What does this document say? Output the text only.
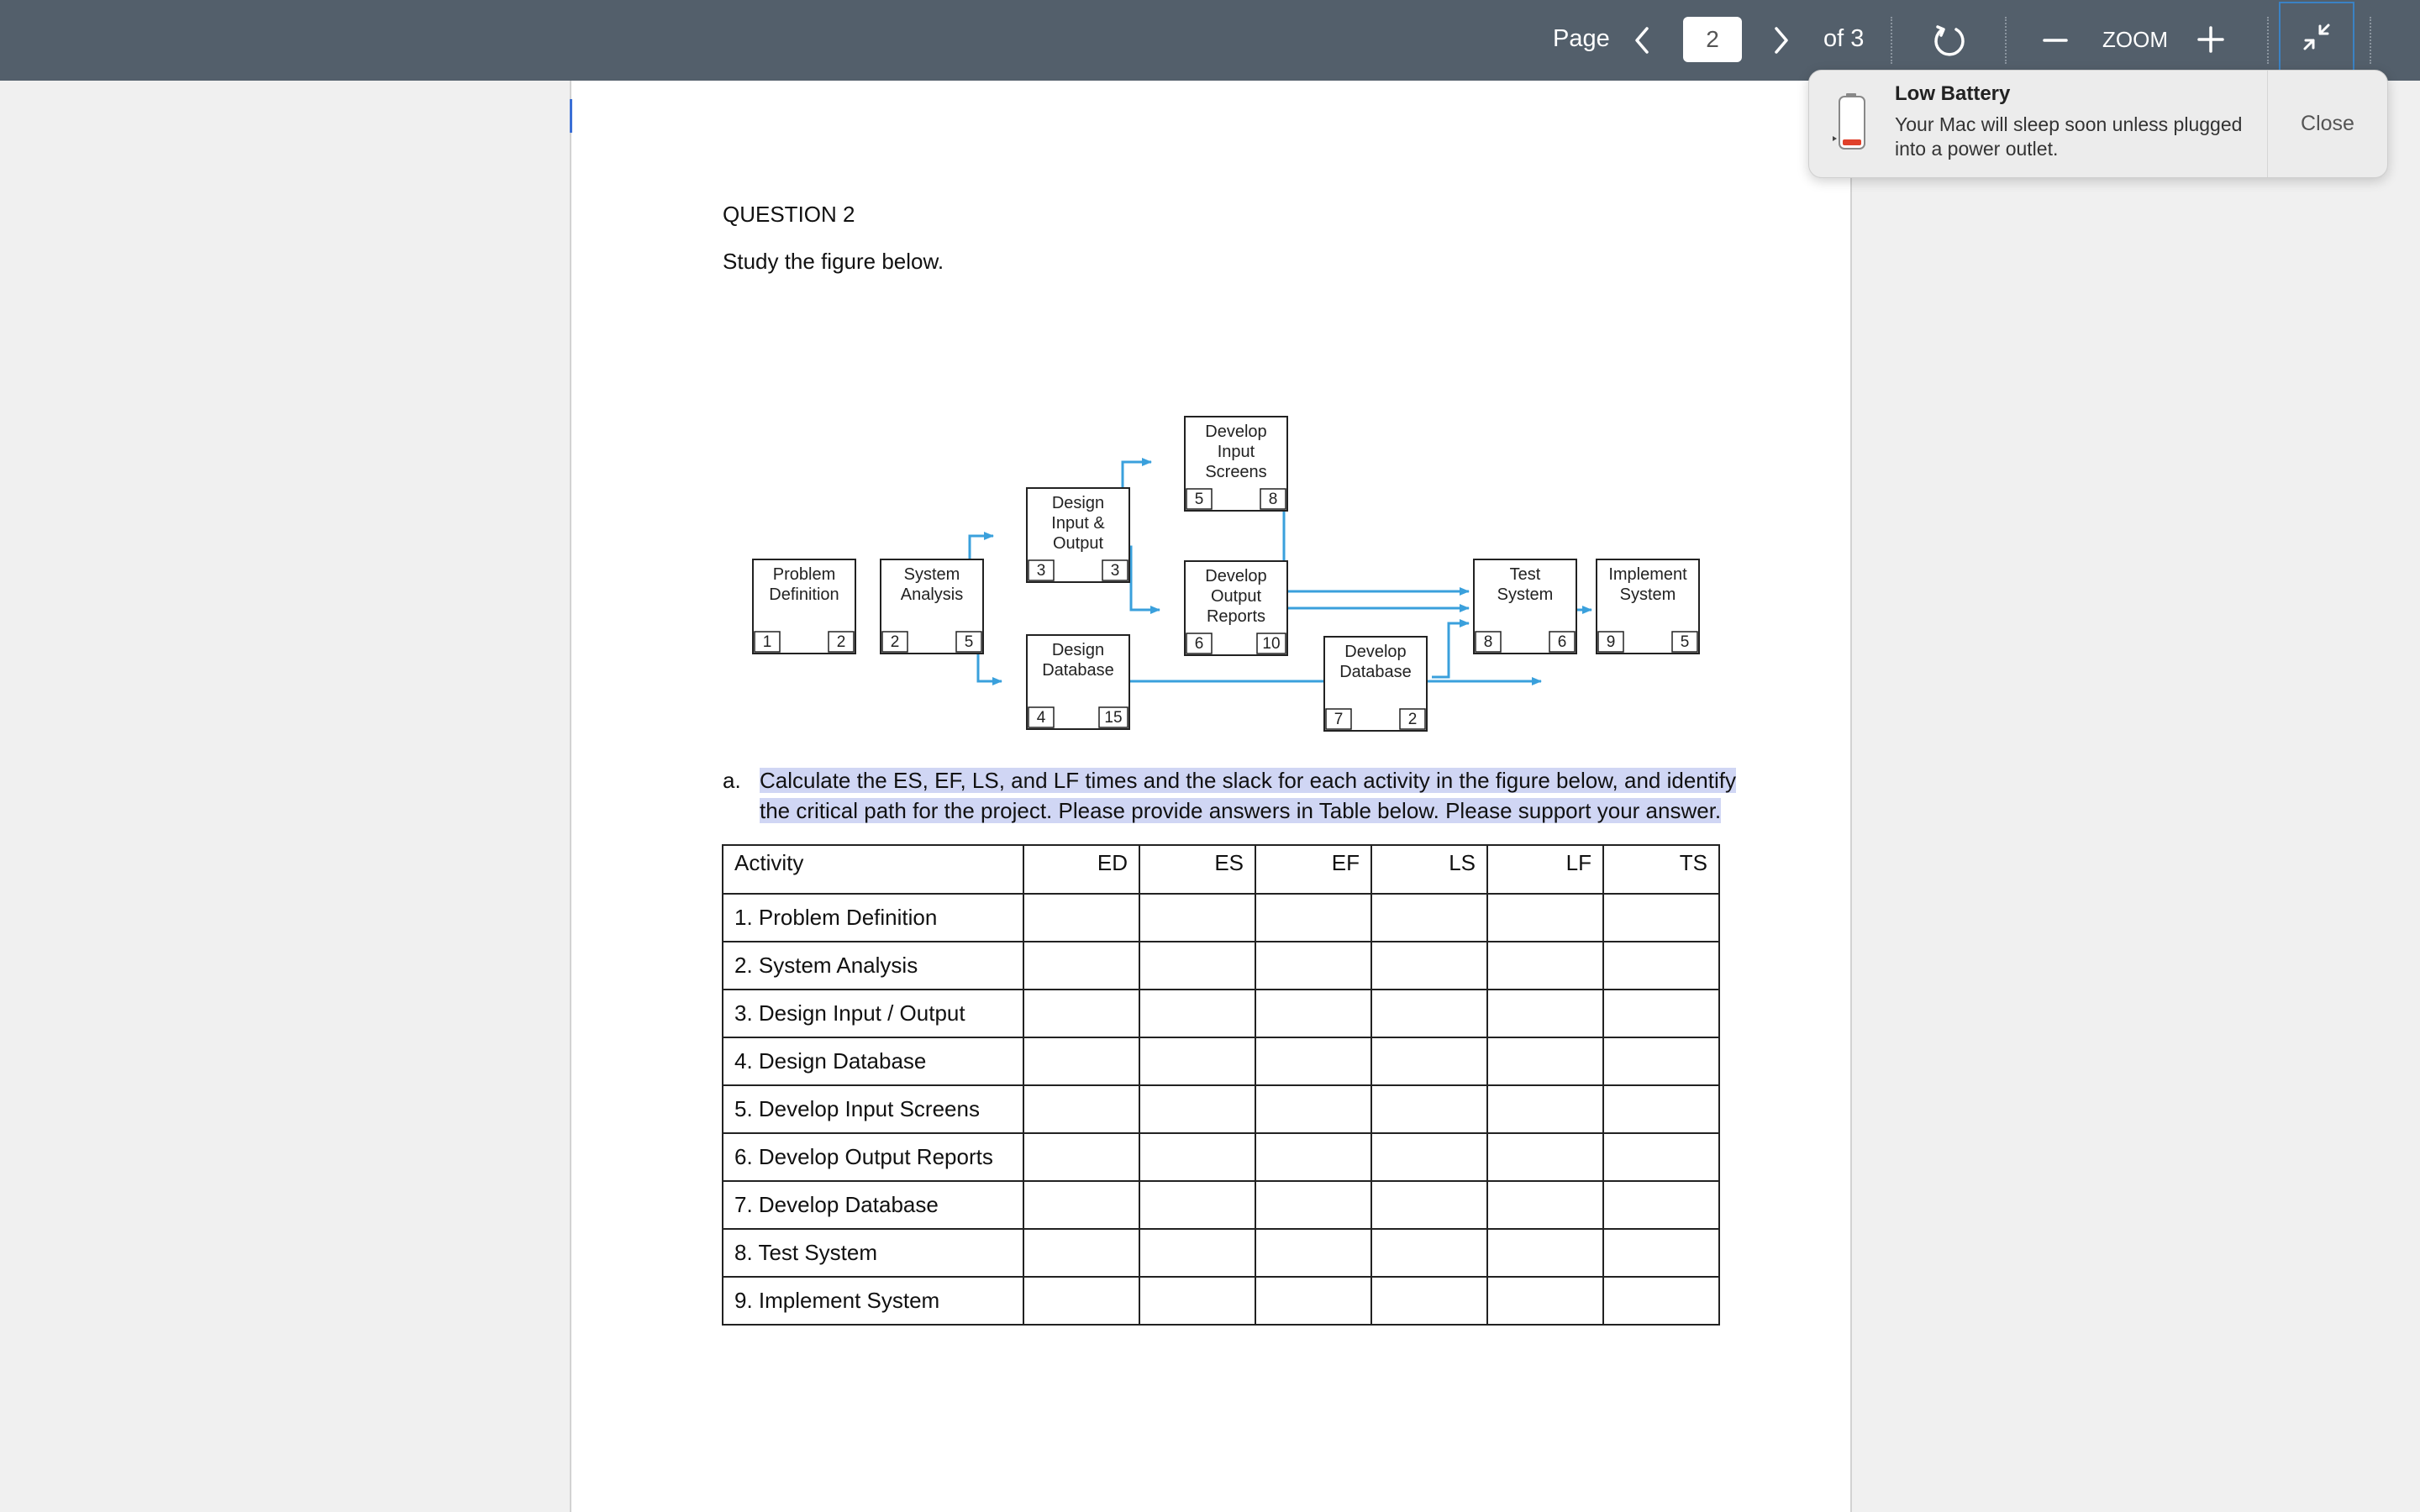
Page
2	of 3	ZOOM
QUESTION 2
Study the figure below.
Problem
Definition
1	2
System
Analysis
2	5
Design
Input &
Output
3	3
Design
Database
4	15
Develop
Input
Screens
5	8
Develop
Output
Reports
6	10	Develop
Database
7	2
Test
System
8	6
Implement
System
9	5
a. Calculate the ES, EF, LS, and LF times and the slack for each activity in the figure below, and identify
the critical path for the project. Please provide answers in Table below. Please support your answer.
Activity	ED	ES	EF	LS	LF	TS
1. Problem Definition						
2. System Analysis						
3. Design Input / Output						
4. Design Database						
5. Develop Input Screens						
6. Develop Output Reports						
7. Develop Database						
8. Test System						
9. Implement System						
Low Battery
Your Mac will sleep soon unless plugged
into a power outlet.
Close
